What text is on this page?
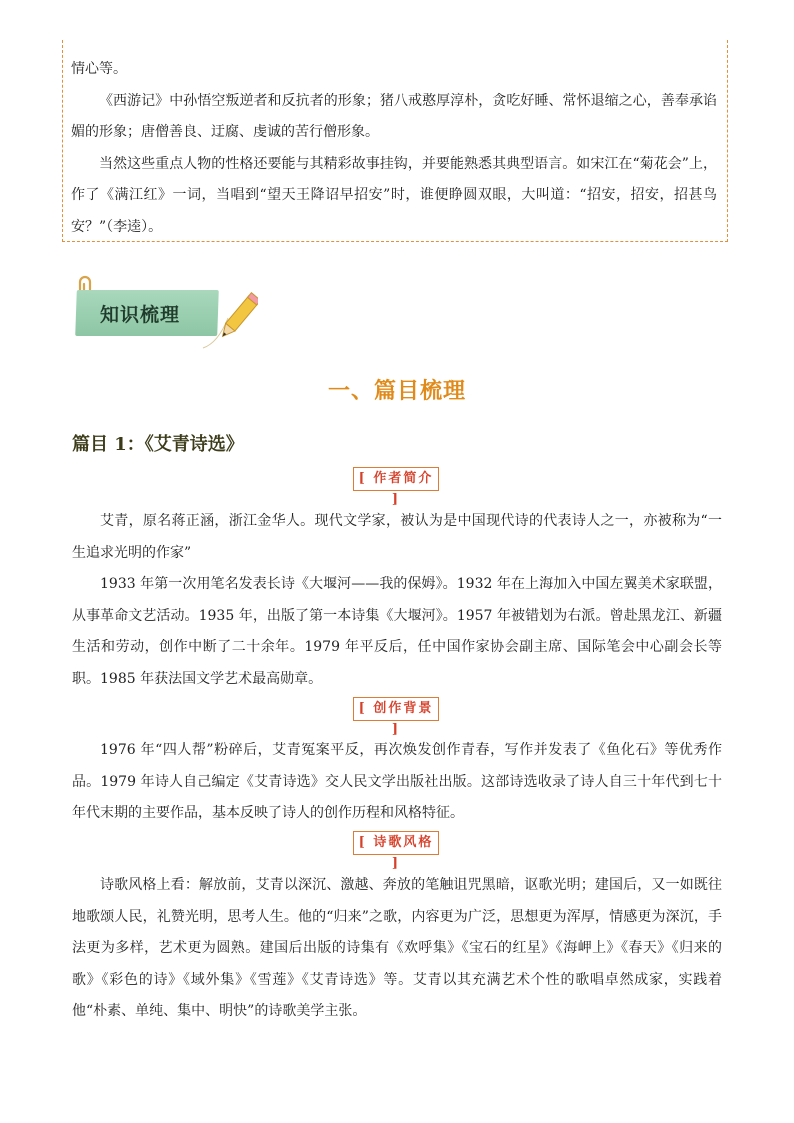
情心等。

《西游记》中孙悟空叛逆者和反抗者的形象；猪八戒憨厚淳朴，贪吃好睡、常怀退缩之心，善奉承谄媚的形象；唐僧善良、迂腐、虔诚的苦行僧形象。

当然这些重点人物的性格还要能与其精彩故事挂钩，并要能熟悉其典型语言。如宋江在“菊花会”上，作了《满江红》一词，当唱到“望天王降诏早招安”时，谁便睁圆双眼，大叫道：“招安，招安，招甚鸟安？”（李逵）。

知识梳理
一、篇目梳理
篇目 1：《艾青诗选》
[ 作者简介 ]

艾青，原名蒋正涵，浙江金华人。现代文学家，被认为是中国现代诗的代表诗人之一，亦被称为“一生追求光明的作家”

1933 年第一次用笔名发表长诗《大堰河——我的保姆》。1932 年在上海加入中国左翼美术家联盟，从事革命文艺活动。1935 年，出版了第一本诗集《大堰河》。1957 年被错划为右派。曾赴黑龙江、新疆生活和劳动，创作中断了二十余年。1979 年平反后，任中国作家协会副主席、国际笔会中心副会长等职。1985 年获法国文学艺术最高勋章。

[ 创作背景 ]

1976 年“四人帮”粉碎后，艾青冤案平反，再次焕发创作青春，写作并发表了《鱼化石》等优秀作品。1979 年诗人自己编定《艾青诗选》交人民文学出版社出版。这部诗选收录了诗人自三十年代到七十年代末期的主要作品，基本反映了诗人的创作历程和风格特征。

[ 诗歌风格 ]

诗歌风格上看：解放前，艾青以深沉、激越、奔放的笔触诅咒黑暗，讴歌光明；建国后，又一如既往地歌颂人民，礼赞光明，思考人生。他的“归来”之歌，内容更为广泛，思想更为浑厚，情感更为深沉，手法更为多样，艺术更为圆熟。建国后出版的诗集有《欢呼集》《宝石的红星》《海岬上》《春天》《归来的歌》《彩色的诗》《域外集》《雪莲》《艾青诗选》等。艾青以其充满艺术个性的歌唱卓然成家，实践着他“朴素、单纯、集中、明快”的诗歌美学主张。
